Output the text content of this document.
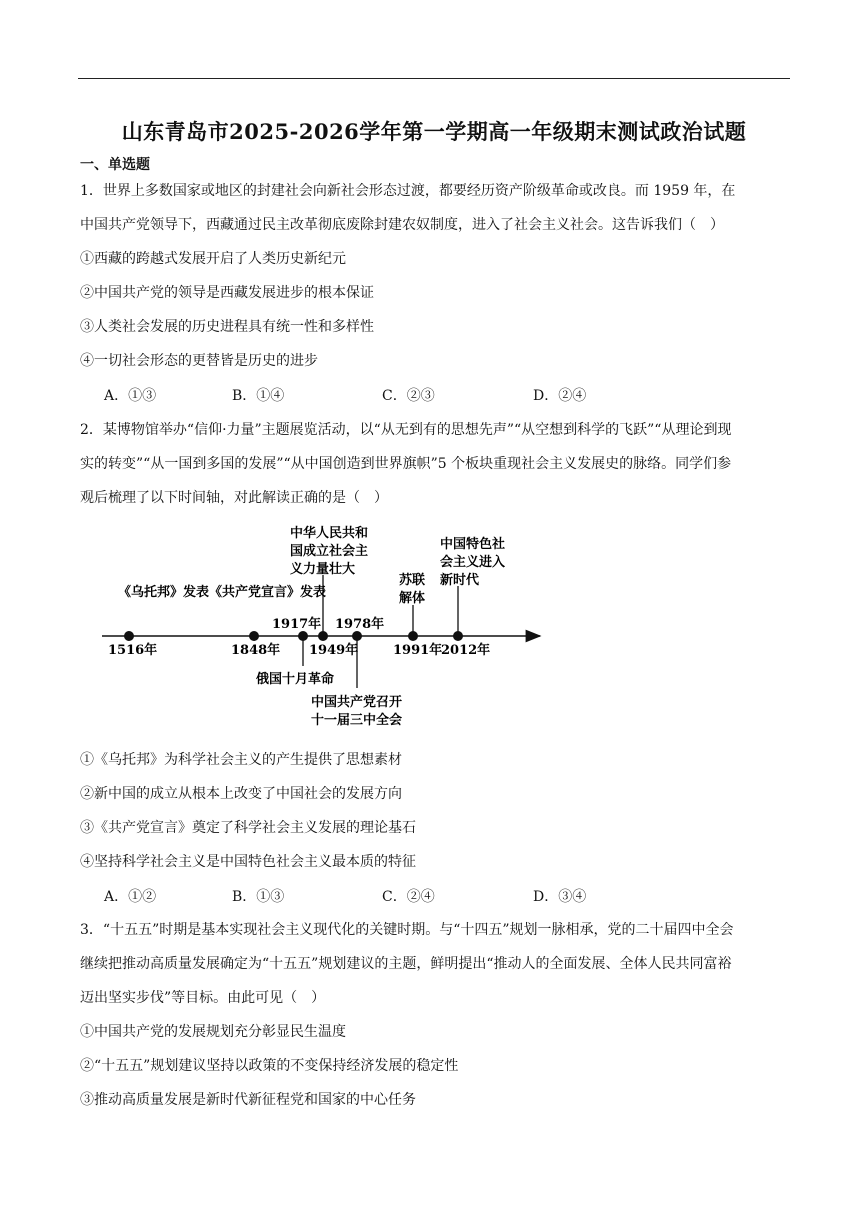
山东青岛市2025-2026学年第一学期高一年级期末测试政治试题
一、单选题
1．世界上多数国家或地区的封建社会向新社会形态过渡，都要经历资产阶级革命或改良。而 1959 年，在
中国共产党领导下，西藏通过民主改革彻底废除封建农奴制度，进入了社会主义社会。这告诉我们（　）
①西藏的跨越式发展开启了人类历史新纪元
②中国共产党的领导是西藏发展进步的根本保证
③人类社会发展的历史进程具有统一性和多样性
④一切社会形态的更替皆是历史的进步
A．①③	B．①④	C．②③	D．②④
2．某博物馆举办“信仰·力量”主题展览活动，以“从无到有的思想先声”“从空想到科学的飞跃”“从理论到现
实的转变”“从一国到多国的发展”“从中国创造到世界旗帜”5 个板块重现社会主义发展史的脉络。同学们参
观后梳理了以下时间轴，对此解读正确的是（　）
1516年	1848年
1917年
1949年
1978年
1991年
2012年
《乌托邦》发表《共产党宣言》发表
中华人民共和
国成立社会主
义力量壮大
苏联
解体
中国特色社
会主义进入
新时代
俄国十月革命
中国共产党召开
十一届三中全会
①《乌托邦》为科学社会主义的产生提供了思想素材
②新中国的成立从根本上改变了中国社会的发展方向
③《共产党宣言》奠定了科学社会主义发展的理论基石
④坚持科学社会主义是中国特色社会主义最本质的特征
A．①②	B．①③	C．②④	D．③④
3．“十五五”时期是基本实现社会主义现代化的关键时期。与“十四五”规划一脉相承，党的二十届四中全会
继续把推动高质量发展确定为“十五五”规划建议的主题，鲜明提出“推动人的全面发展、全体人民共同富裕
迈出坚实步伐”等目标。由此可见（　）
①中国共产党的发展规划充分彰显民生温度
②“十五五”规划建议坚持以政策的不变保持经济发展的稳定性
③推动高质量发展是新时代新征程党和国家的中心任务
